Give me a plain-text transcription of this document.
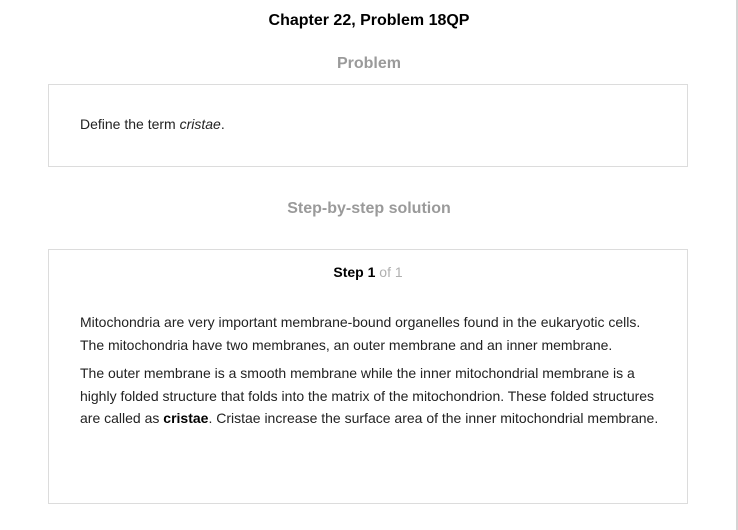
Chapter 22, Problem 18QP
Problem
Define the term cristae.
Step-by-step solution
Step 1 of 1

Mitochondria are very important membrane-bound organelles found in the eukaryotic cells. The mitochondria have two membranes, an outer membrane and an inner membrane.

The outer membrane is a smooth membrane while the inner mitochondrial membrane is a highly folded structure that folds into the matrix of the mitochondrion. These folded structures are called as cristae. Cristae increase the surface area of the inner mitochondrial membrane.
